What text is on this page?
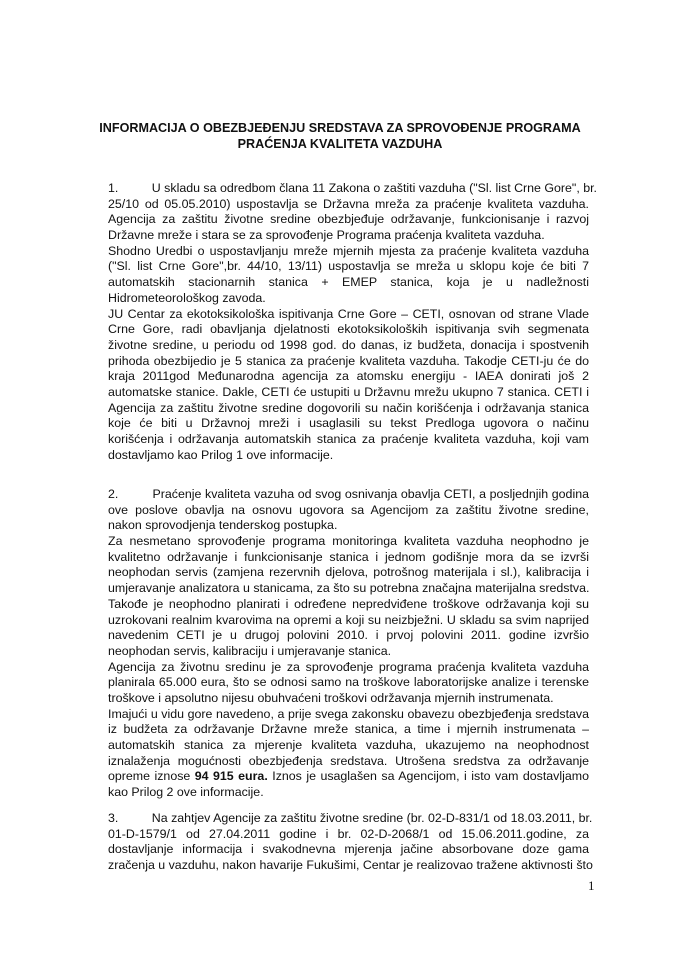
INFORMACIJA O OBEZBJEĐENJU SREDSTAVA ZA SPROVOĐENJE PROGRAMA
PRAĆENJA KVALITETA VAZDUHA
1.	U skladu sa odredbom člana 11 Zakona o zaštiti vazduha ("Sl. list Crne Gore", br.
25/10 od 05.05.2010) uspostavlja se Državna mreža za praćenje kvaliteta vazduha.
Agencija za zaštitu životne sredine obezbjeđuje održavanje, funkcionisanje i razvoj
Državne mreže i stara se za sprovođenje Programa praćenja kvaliteta vazduha.
Shodno Uredbi o uspostavljanju mreže mjernih mjesta za praćenje kvaliteta vazduha
("Sl. list Crne Gore",br. 44/10, 13/11) uspostavlja se mreža u sklopu koje će biti 7
automatskih stacionarnih stanica + EMEP stanica, koja je u nadležnosti
Hidrometeorološkog zavoda.
JU Centar za ekotoksikološka ispitivanja Crne Gore – CETI, osnovan od strane Vlade
Crne Gore, radi obavljanja djelatnosti ekotoksikoloških ispitivanja svih segmenata
životne sredine, u periodu od 1998 god. do danas, iz budžeta, donacija i spostvenih
prihoda obezbijedio je 5 stanica za praćenje kvaliteta vazduha. Takodje CETI-ju će do
kraja 2011god Međunarodna agencija za atomsku energiju - IAEA donirati još 2
automatske stanice. Dakle, CETI će ustupiti u Državnu mrežu ukupno 7 stanica. CETI i
Agencija za zaštitu životne sredine dogovorili su način korišćenja i održavanja stanica
koje će biti u Državnoj mreži i usaglasili su tekst Predloga ugovora o načinu
korišćenja i održavanja automatskih stanica za praćenje kvaliteta vazduha, koji vam
dostavljamo kao Prilog 1 ove informacije.
2.	Praćenje kvaliteta vazuha od svog osnivanja obavlja CETI, a posljednjih godina
ove poslove obavlja na osnovu ugovora sa Agencijom za zaštitu životne sredine,
nakon sprovodjenja tenderskog postupka.
Za nesmetano sprovođenje programa monitoringa kvaliteta vazduha neophodno je
kvalitetno održavanje i funkcionisanje stanica i jednom godišnje mora da se izvrši
neophodan servis (zamjena rezervnih djelova, potrošnog materijala i sl.), kalibracija i
umjeravanje analizatora u stanicama, za što su potrebna značajna materijalna sredstva.
Takođe je neophodno planirati i određene nepredviđene troškove održavanja koji su
uzrokovani realnim kvarovima na opremi a koji su neizbježni. U skladu sa svim naprijed
navedenim CETI je u drugoj polovini 2010. i prvoj polovini 2011. godine izvršio
neophodan servis, kalibraciju i umjeravanje stanica.
Agencija za životnu sredinu je za sprovođenje programa praćenja kvaliteta vazduha
planirala 65.000 eura, što se odnosi samo na troškove laboratorijske analize i terenske
troškove i apsolutno nijesu obuhvaćeni troškovi održavanja mjernih instrumenata.
Imajući u vidu gore navedeno, a prije svega zakonsku obavezu obezbjeđenja sredstava
iz budžeta za održavanje Državne mreže stanica, a time i mjernih instrumenata –
automatskih stanica za mjerenje kvaliteta vazduha, ukazujemo na neophodnost
iznalaženja mogućnosti obezbjeđenja sredstava. Utrošena sredstva za održavanje
opreme iznose 94 915 eura. Iznos je usaglašen sa Agencijom, i isto vam dostavljamo
kao Prilog 2 ove informacije.
3.	Na zahtjev Agencije za zaštitu životne sredine (br. 02-D-831/1 od 18.03.2011, br.
01-D-1579/1 od 27.04.2011 godine i br. 02-D-2068/1 od 15.06.2011.godine, za
dostavljanje informacija i svakodnevna mjerenja jačine absorbovane doze gama
zračenja u vazduhu, nakon havarije Fukušimi, Centar je realizovao tražene aktivnosti što
1
